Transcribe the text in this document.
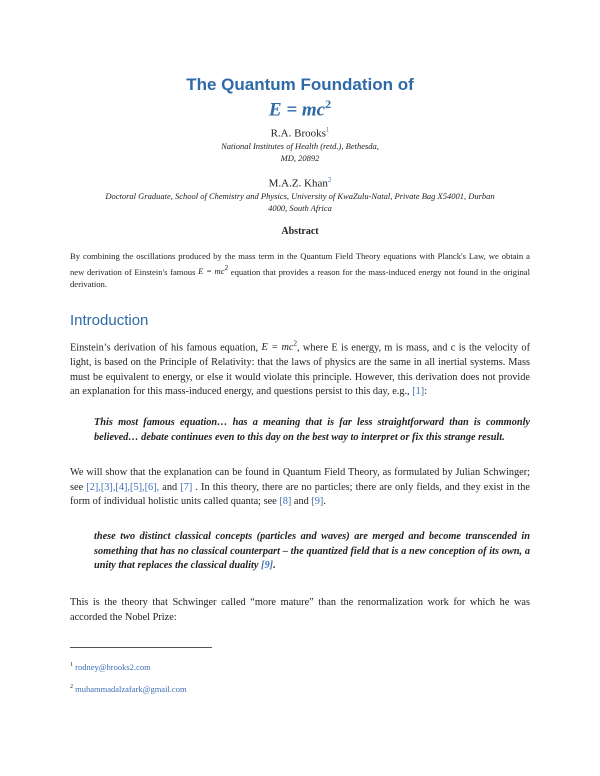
The Quantum Foundation of
$E = mc^2$
R.A. Brooks$^1$
National Institutes of Health (retd.), Bethesda,
MD, 20892
M.A.Z. Khan$^2$
Doctoral Graduate, School of Chemistry and Physics, University of KwaZulu-Natal, Private Bag X54001, Durban
4000, South Africa
Abstract
By combining the oscillations produced by the mass term in the Quantum Field Theory equations with Planck's Law, we obtain a new derivation of Einstein's famous $E = mc^2$ equation that provides a reason for the mass-induced energy not found in the original derivation.
Introduction
Einstein’s derivation of his famous equation, $E = mc^2$, where E is energy, m is mass, and c is the velocity of light, is based on the Principle of Relativity: that the laws of physics are the same in all inertial systems. Mass must be equivalent to energy, or else it would violate this principle. However, this derivation does not provide an explanation for this mass-induced energy, and questions persist to this day, e.g., [1]:
This most famous equation… has a meaning that is far less straightforward than is commonly believed… debate continues even to this day on the best way to interpret or fix this strange result.
We will show that the explanation can be found in Quantum Field Theory, as formulated by Julian Schwinger; see [2],[3],[4],[5],[6], and [7] . In this theory, there are no particles; there are only fields, and they exist in the form of individual holistic units called quanta; see [8] and [9].
these two distinct classical concepts (particles and waves) are merged and become transcended in something that has no classical counterpart – the quantized field that is a new conception of its own, a unity that replaces the classical duality [9].
This is the theory that Schwinger called “more mature” than the renormalization work for which he was accorded the Nobel Prize:
$^1$ rodney@brooks2.com
$^2$ muhammadalzafark@gmail.com
